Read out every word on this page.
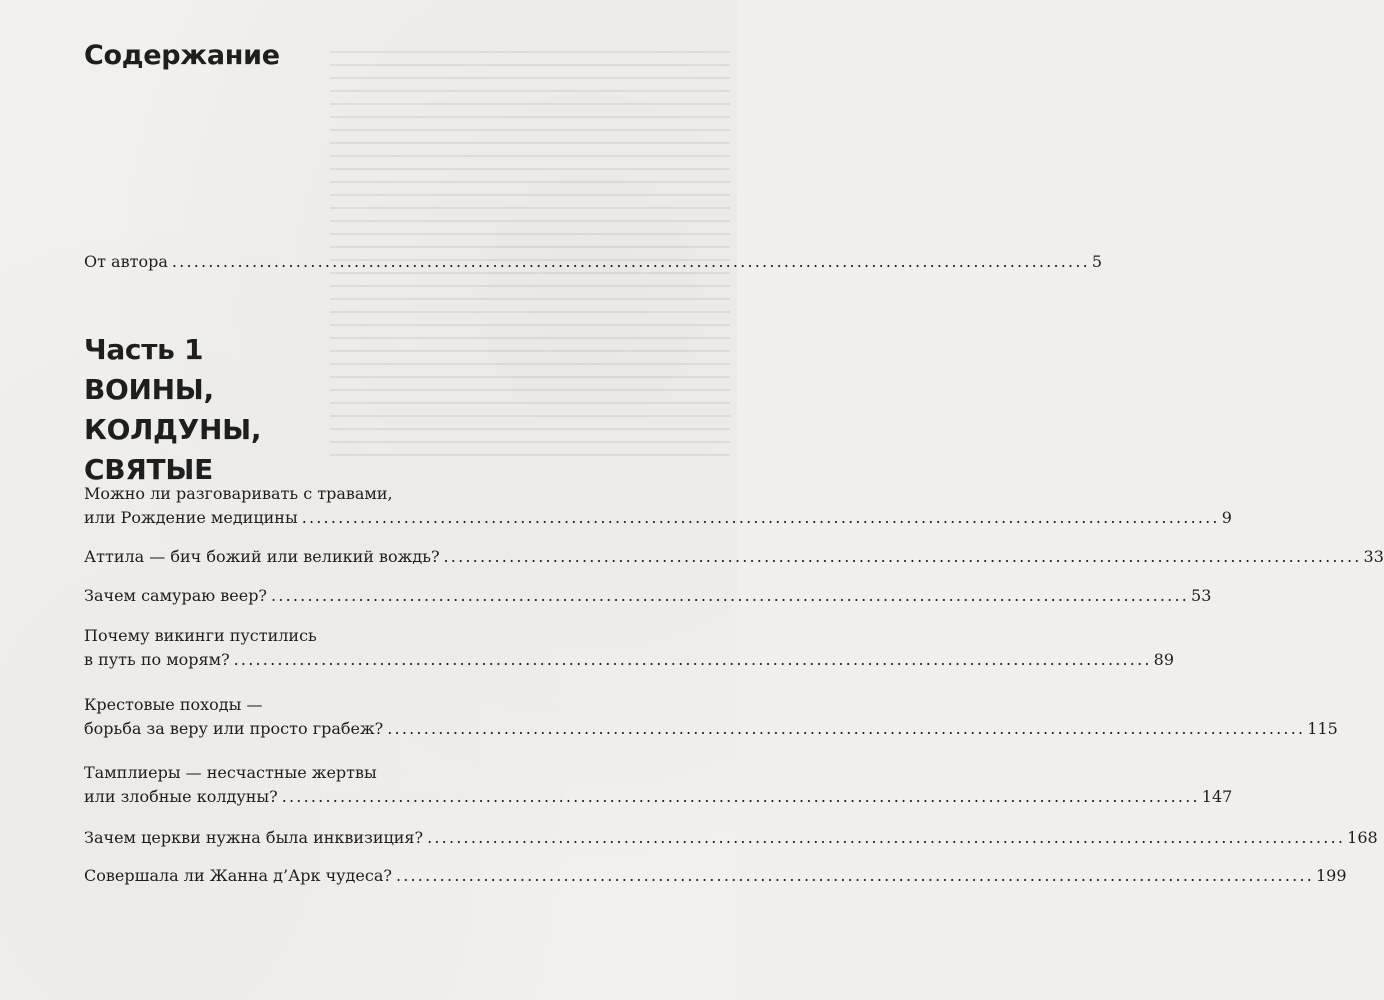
Содержание
От автора .............................................................................................................................. 5
Часть 1
ВОИНЫ,
КОЛДУНЫ,
СВЯТЫЕ
Можно ли разговаривать с травами,
или Рождение медицины .............................................................................................................................. 9
Аттила — бич божий или великий вождь? .............................................................................................................................. 33
Зачем самураю веер? .............................................................................................................................. 53
Почему викинги пустились
в путь по морям? .............................................................................................................................. 89
Крестовые походы —
борьба за веру или просто грабеж? .............................................................................................................................. 115
Тамплиеры — несчастные жертвы
или злобные колдуны? .............................................................................................................................. 147
Зачем церкви нужна была инквизиция? .............................................................................................................................. 168
Совершала ли Жанна д’Арк чудеса? .............................................................................................................................. 199
